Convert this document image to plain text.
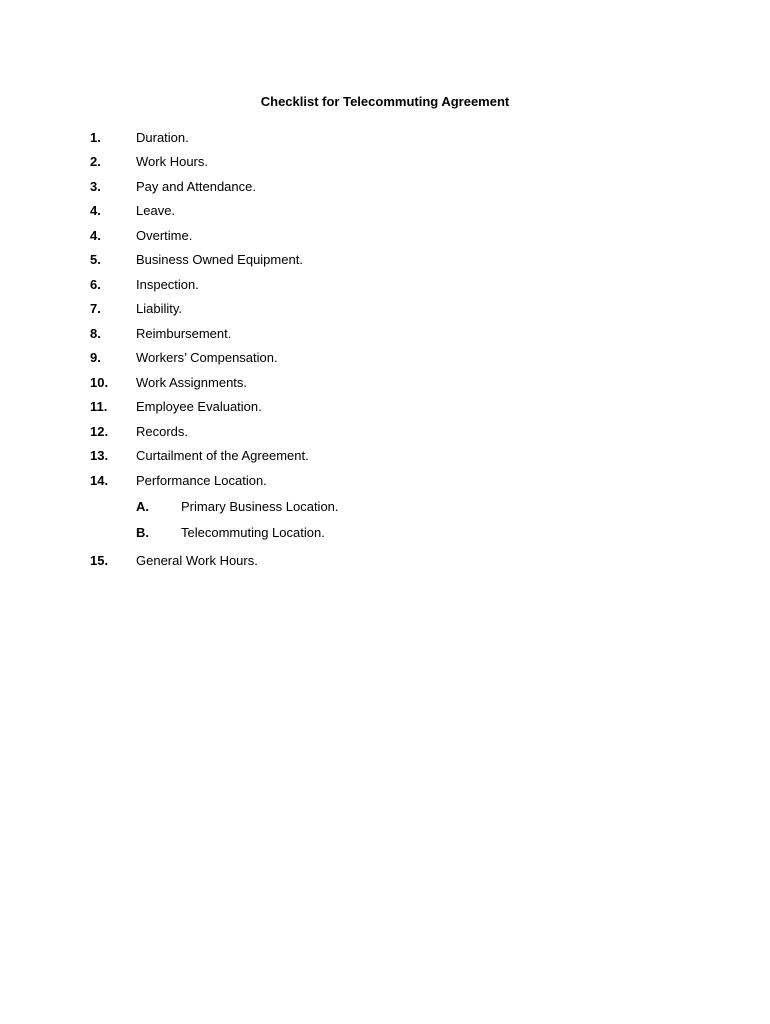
Checklist for Telecommuting Agreement
1.	Duration.
2.	Work Hours.
3.	Pay and Attendance.
4.	Leave.
4.	Overtime.
5.	Business Owned Equipment.
6.	Inspection.
7.	Liability.
8.	Reimbursement.
9.	Workers’ Compensation.
10.	Work Assignments.
11.	Employee Evaluation.
12.	Records.
13.	Curtailment of the Agreement.
14.	Performance Location.
A.	Primary Business Location.
B.	Telecommuting Location.
15.	General Work Hours.
